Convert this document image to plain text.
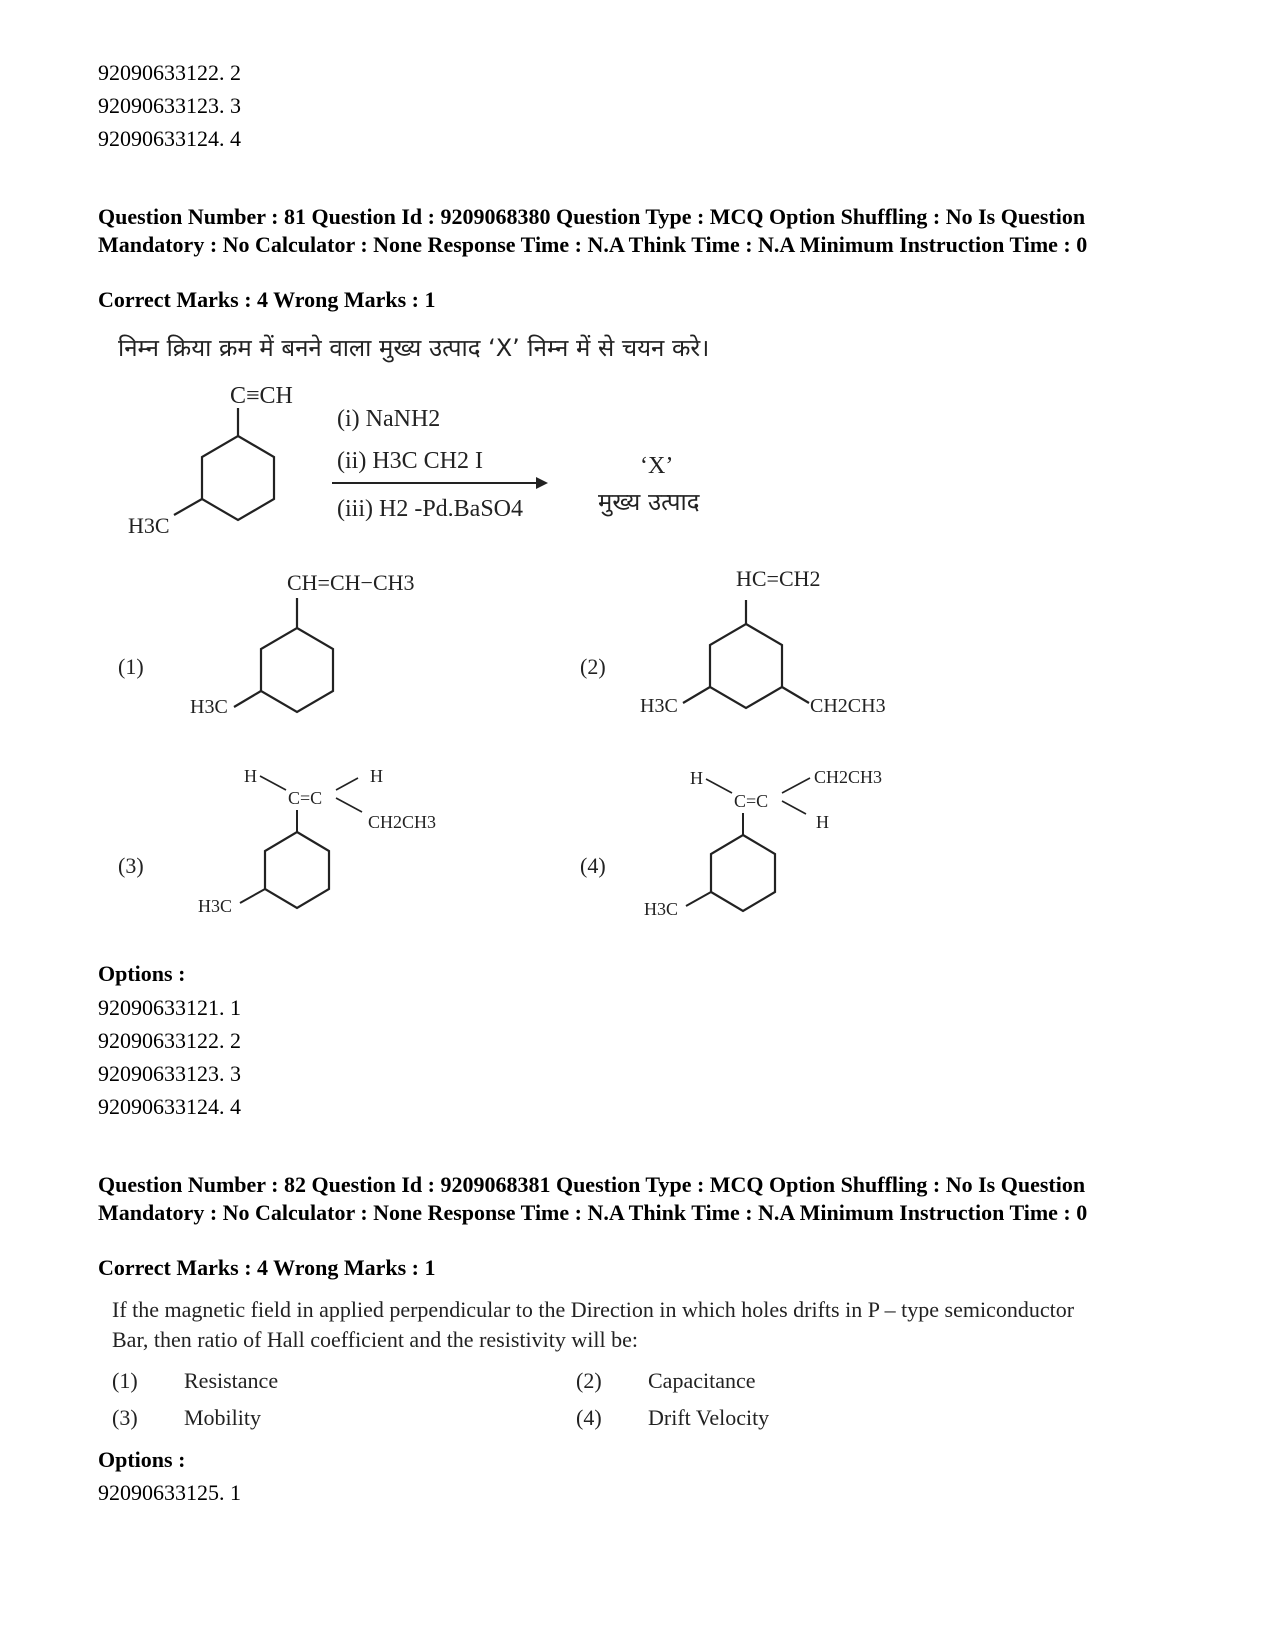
92090633122. 2
92090633123. 3
92090633124. 4
Question Number : 81 Question Id : 9209068380 Question Type : MCQ Option Shuffling : No Is Question Mandatory : No Calculator : None Response Time : N.A Think Time : N.A Minimum Instruction Time : 0
Correct Marks : 4 Wrong Marks : 1
निम्न क्रिया क्रम में बनने वाला मुख्य उत्पाद ‘X’ निम्न में से चयन करे।
C≡CH
H3C
(i) NaNH2
(ii) H3C CH2 I
(iii) H2 -Pd.BaSO4
‘X’
मुख्य उत्पाद
(1)
CH=CH−CH3
H3C
(2)
HC=CH2
H3C	CH2CH3
(3)
H
C=C
H
CH2CH3
H3C
(4)
H
C=C
CH2CH3
H
H3C
Options :
92090633121. 1
92090633122. 2
92090633123. 3
92090633124. 4
Question Number : 82 Question Id : 9209068381 Question Type : MCQ Option Shuffling : No Is Question Mandatory : No Calculator : None Response Time : N.A Think Time : N.A Minimum Instruction Time : 0
Correct Marks : 4 Wrong Marks : 1
If the magnetic field in applied perpendicular to the Direction in which holes drifts in P – type semiconductor Bar, then ratio of Hall coefficient and the resistivity will be:
(1) Resistance	(2) Capacitance
(3) Mobility	(4) Drift Velocity
Options :
92090633125. 1
